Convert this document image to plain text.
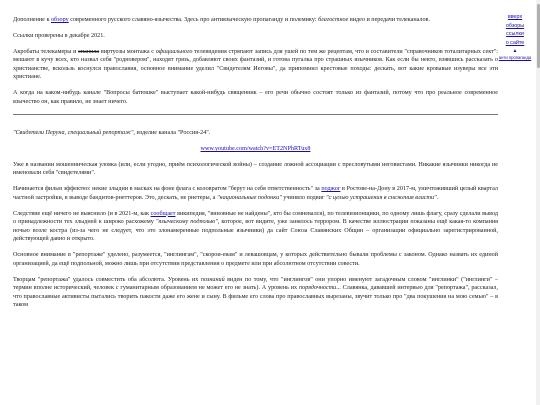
Дополнение к обзору современного русского славяно-язычества. Здесь про антиязыческую пропаганду и полемику: благостное видео и передачи телеканалов.

Ссылки проверены в декабре 2021.

Акробаты телекамеры и спанила виртуозы монтажа с официального телевидения стряпают запись для ушей по тем же рецептам, что и составители "справочников тоталитарных сект": мешают в кучу всех, кто назвал себя "родновером", находят грязь, добавляют своих фантазий, и готова пугалка про страшных язычников. Как если бы некто, взявшись рассказать о христианстве, вскользь коснулся православия, основное внимание уделил "Свидетелям Иеговы", да припомнил крестовые походы: дескать, вот какие кровавые изуверы все эти христиане.

А когда на каком-нибудь канале "Вопросы батюшке" выступает какой-нибудь священник – его речи обычно состоят только из фантазий, потому что про реальное современное язычество он, как правило, не знает ничего.

"Свидетели Перуна, специальный репортаж", изделие канала "Россия-24".

www.youtube.com/watch?v=ET2NPhRTux8

Уже в названии мошенническая уловка (или, если угодно, приём психологической войны) – создание ложной ассоциации с пресловутыми иеговистами. Никакие язычники никогда не именовали себя "свидетелями".

Начинается фильм эффектно: некие злыдни в масках на фоне флага с коловратом "берут на себя ответственность" за поджог в Ростове-на-Дону в 2017-м, уничтоживший целый квартал частной застройки, в выводе бандитов-рнеттеров. Это, дескать, не рнетеры, а "национальные подонки" учиняло подвиг "с целью устрашения в снежения власти".

Следствие ещё ничего не выяснило (и в 2021-м, как сообщает википедия, "виновные не найдены", кто бы сомневался), по телевизионщики, по одному лишь флагу, сразу сделали вывод о принадлежности тех злыдней к широко расхожему "языческому подполью", которое, вот видите, уже занялось террором. В качестве иллюстрации показаны ещё какая-то компания ночью возле костра (из-за чего не следует, что это злонамеренные подпольные язычники) да сайт Союза Славянских Общин – организации официально зарегистрированной, действующей давно и открыто.

Основное внимание в "репортаже" уделено, разумеется, "инглингам", "скорои-евам" и левашовцам, у которых действительно бывали проблемы с законом. Однако назвать их единой организацией, да ещё подпольной, можно лишь при отсутствии представления о предмете или при абсолютном отсутствии совести.

Творцам "репортажа" удалось совместить оба абсолюта. Уровень их познаний виден по тому, что "инглингов" они упорно именуют загадочным словом "инглинки" ("инглинги" – термин вполне исторический, человек с гуманитарным образованием не может его не знать). А уровень их порядочности... Славянка, дававшей интервью для "репортажа", рассказал, что православные активисты пытались творить пакости даже его жене и сыну. В фильме его слова про православных вырезаны, звучит только про "два покушения на мою семью" – в таком

вверх
обзоры
ссылки
о сайте
▲
анти пропаганда
